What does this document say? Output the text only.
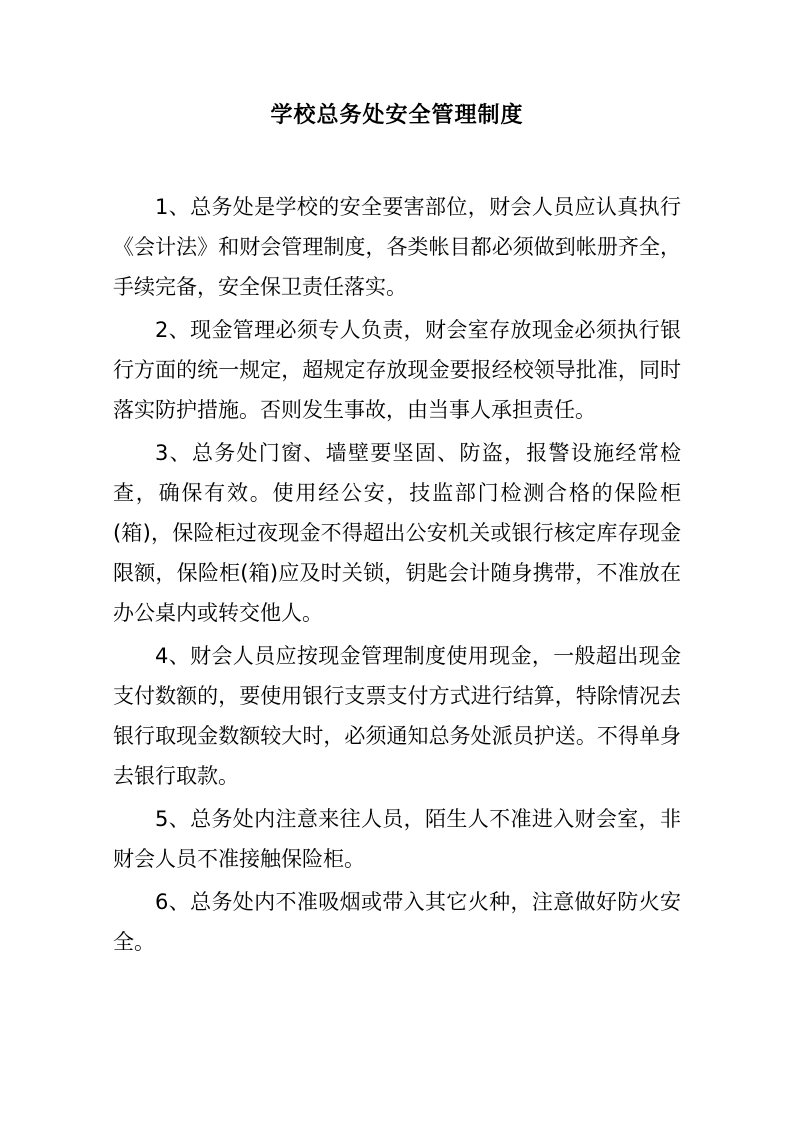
学校总务处安全管理制度

1、总务处是学校的安全要害部位，财会人员应认真执行《会计法》和财会管理制度，各类帐目都必须做到帐册齐全，手续完备，安全保卫责任落实。

2、现金管理必须专人负责，财会室存放现金必须执行银行方面的统一规定，超规定存放现金要报经校领导批准，同时落实防护措施。否则发生事故，由当事人承担责任。

3、总务处门窗、墙壁要坚固、防盗，报警设施经常检查，确保有效。使用经公安，技监部门检测合格的保险柜(箱)，保险柜过夜现金不得超出公安机关或银行核定库存现金限额，保险柜(箱)应及时关锁，钥匙会计随身携带，不准放在办公桌内或转交他人。

4、财会人员应按现金管理制度使用现金，一般超出现金支付数额的，要使用银行支票支付方式进行结算，特除情况去银行取现金数额较大时，必须通知总务处派员护送。不得单身去银行取款。

5、总务处内注意来往人员，陌生人不准进入财会室，非财会人员不准接触保险柜。

6、总务处内不准吸烟或带入其它火种，注意做好防火安全。
